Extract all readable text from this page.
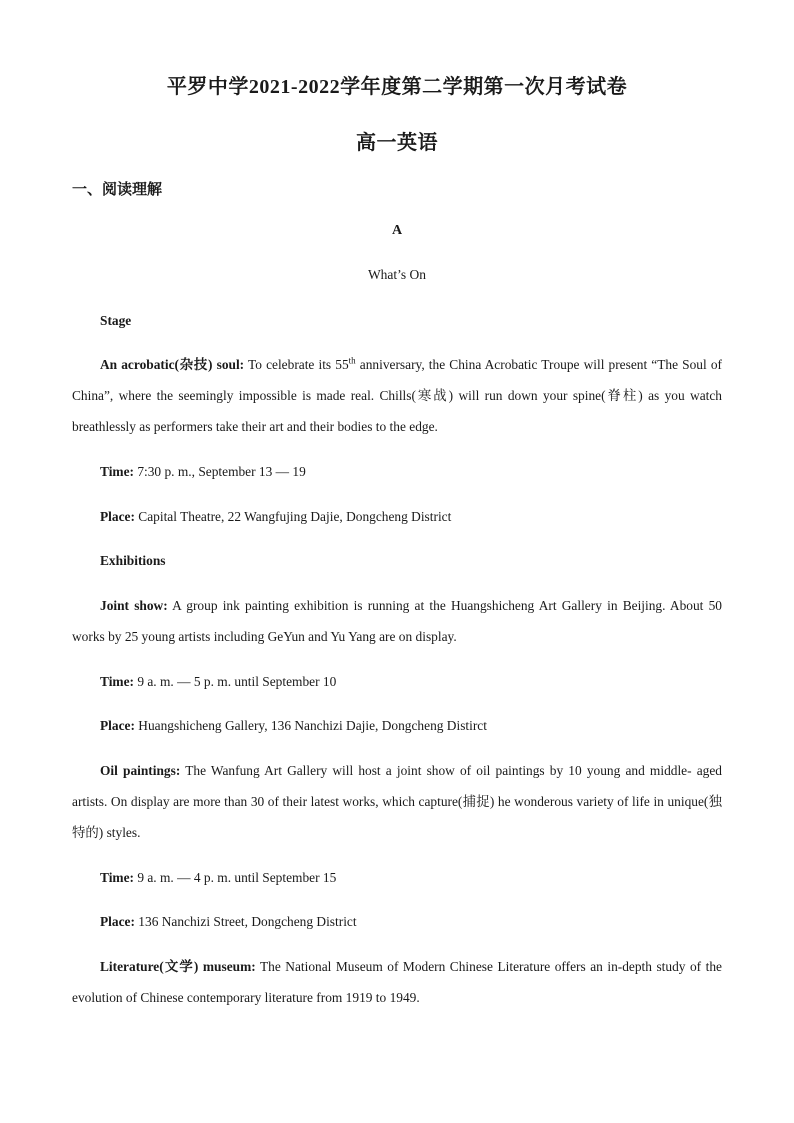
平罗中学2021-2022学年度第二学期第一次月考试卷
高一英语
一、阅读理解
A
What’s On
Stage
An acrobatic(杂技) soul: To celebrate its 55th anniversary, the China Acrobatic Troupe will present “The Soul of China”, where the seemingly impossible is made real. Chills(寒战) will run down your spine(脊柱) as you watch breathlessly as performers take their art and their bodies to the edge.
Time: 7:30 p. m., September 13 — 19
Place: Capital Theatre, 22 Wangfujing Dajie, Dongcheng District
Exhibitions
Joint show: A group ink painting exhibition is running at the Huangshicheng Art Gallery in Beijing. About 50 works by 25 young artists including GeYun and Yu Yang are on display.
Time: 9 a. m. — 5 p. m. until September 10
Place: Huangshicheng Gallery, 136 Nanchizi Dajie, Dongcheng Distirct
Oil paintings: The Wanfung Art Gallery will host a joint show of oil paintings by 10 young and middle- aged artists. On display are more than 30 of their latest works, which capture(捕捉) he wonderous variety of life in unique(独特的) styles.
Time: 9 a. m. — 4 p. m. until September 15
Place: 136 Nanchizi Street, Dongcheng District
Literature(文学) museum: The National Museum of Modern Chinese Literature offers an in-depth study of the evolution of Chinese contemporary literature from 1919 to 1949.
